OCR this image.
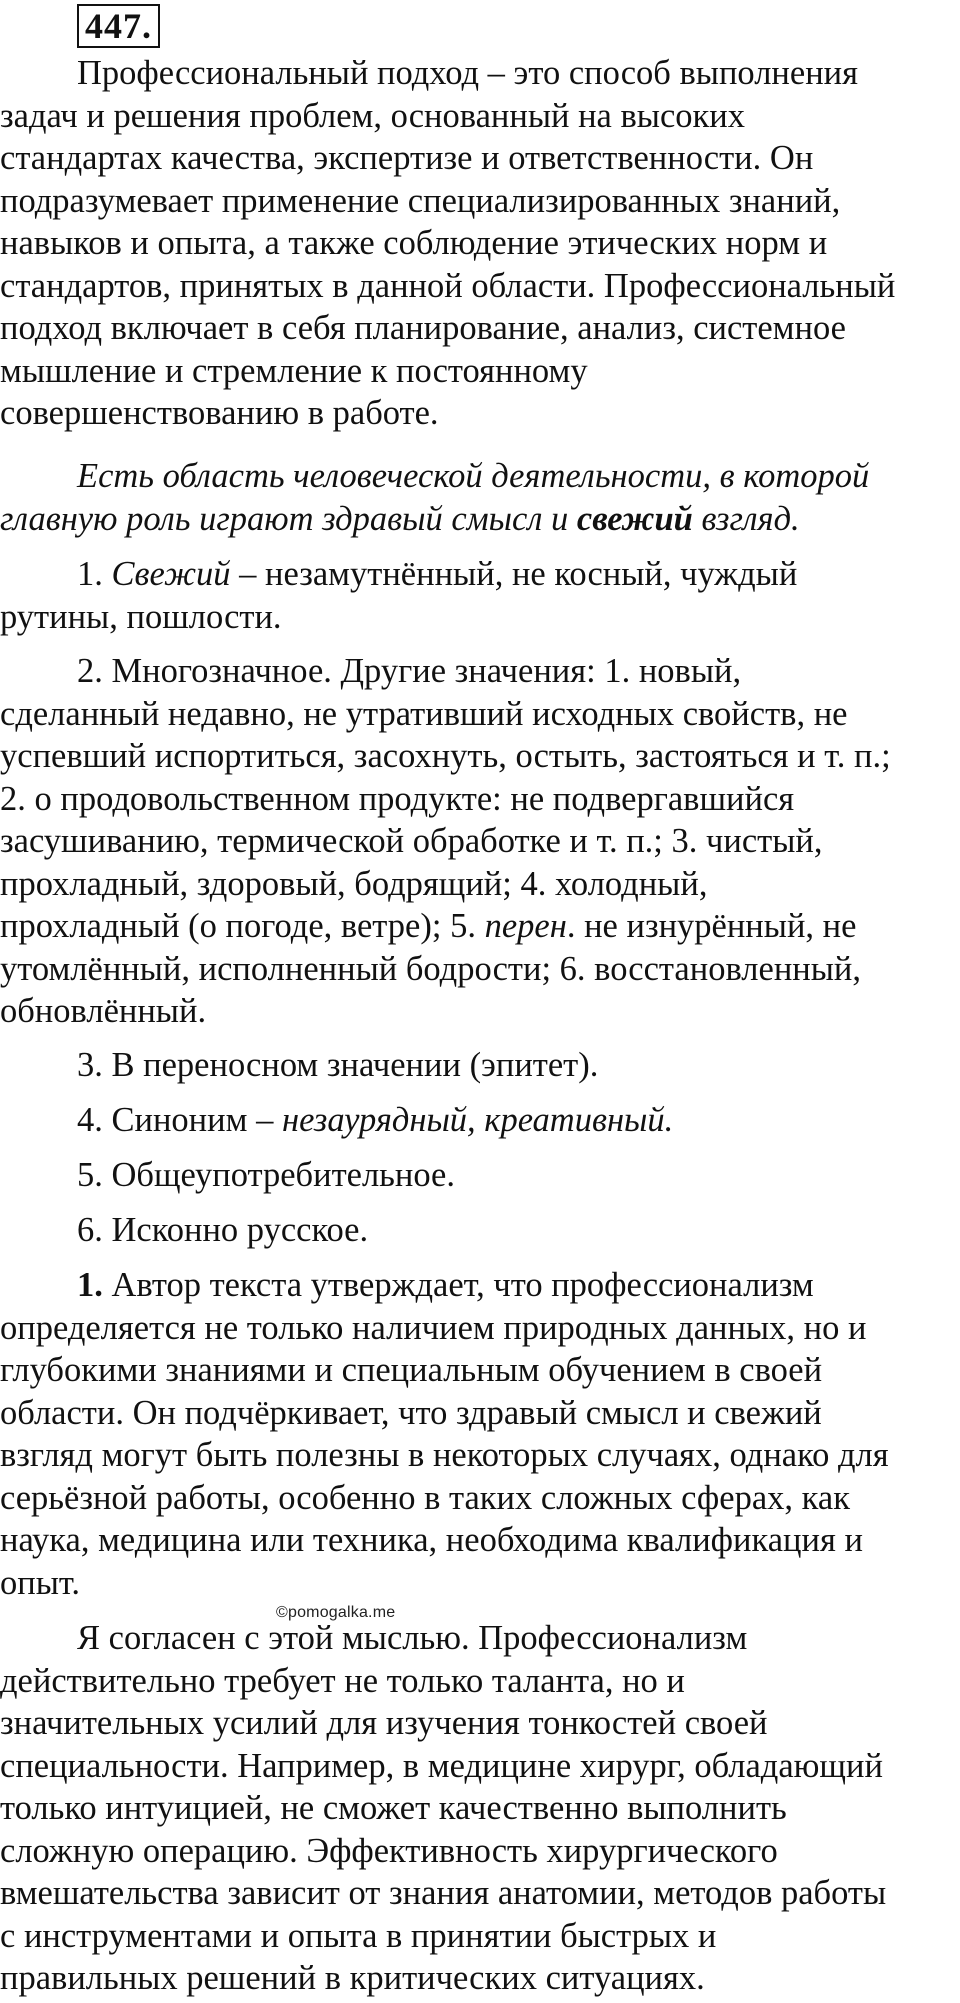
447.
Профессиональный подход – это способ выполнения
задач и решения проблем, основанный на высоких
стандартах качества, экспертизе и ответственности. Он
подразумевает применение специализированных знаний,
навыков и опыта, а также соблюдение этических норм и
стандартов, принятых в данной области. Профессиональный
подход включает в себя планирование, анализ, системное
мышление и стремление к постоянному
совершенствованию в работе.
Есть область человеческой деятельности, в которой
главную роль играют здравый смысл и свежий взгляд.
1. Свежий – незамутнённый, не косный, чуждый
рутины, пошлости.
2. Многозначное. Другие значения: 1. новый,
сделанный недавно, не утративший исходных свойств, не
успевший испортиться, засохнуть, остыть, застояться и т. п.;
2. о продовольственном продукте: не подвергавшийся
засушиванию, термической обработке и т. п.; 3. чистый,
прохладный, здоровый, бодрящий; 4. холодный,
прохладный (о погоде, ветре); 5. перен. не изнурённый, не
утомлённый, исполненный бодрости; 6. восстановленный,
обновлённый.
3. В переносном значении (эпитет).
4. Синоним – незаурядный, креативный.
5. Общеупотребительное.
6. Исконно русское.
1. Автор текста утверждает, что профессионализм
определяется не только наличием природных данных, но и
глубокими знаниями и специальным обучением в своей
области. Он подчёркивает, что здравый смысл и свежий
взгляд могут быть полезны в некоторых случаях, однако для
серьёзной работы, особенно в таких сложных сферах, как
наука, медицина или техника, необходима квалификация и
опыт.
©pomogalka.me
Я согласен с этой мыслью. Профессионализм
действительно требует не только таланта, но и
значительных усилий для изучения тонкостей своей
специальности. Например, в медицине хирург, обладающий
только интуицией, не сможет качественно выполнить
сложную операцию. Эффективность хирургического
вмешательства зависит от знания анатомии, методов работы
с инструментами и опыта в принятии быстрых и
правильных решений в критических ситуациях.
